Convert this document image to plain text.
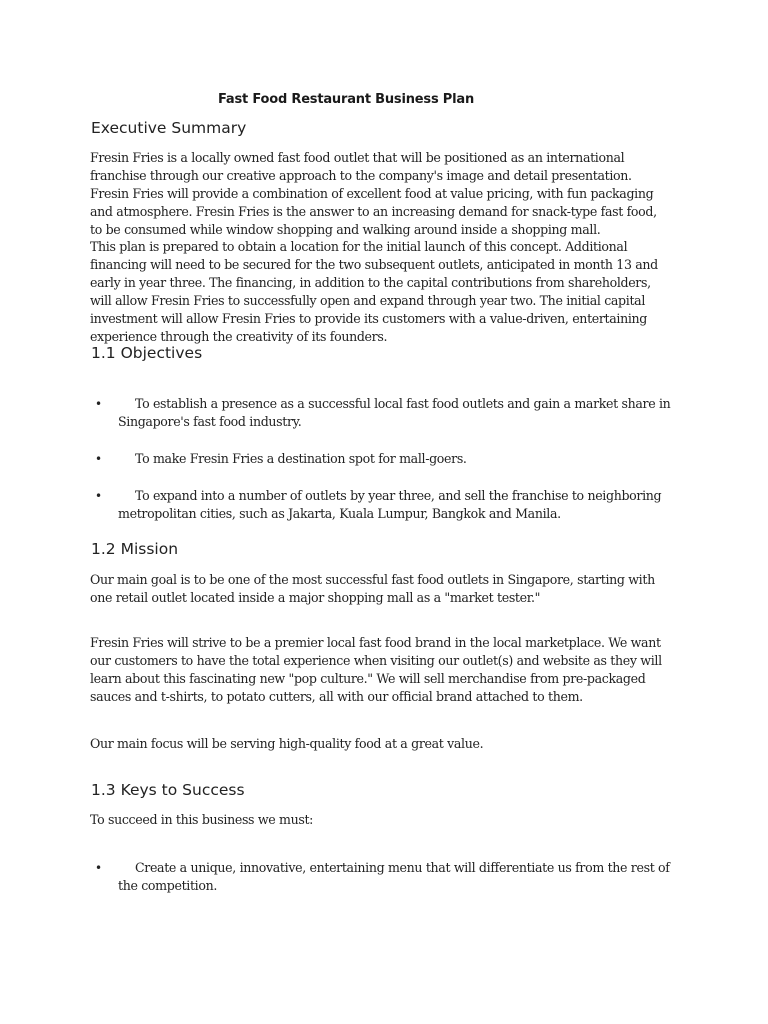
Fast Food Restaurant Business Plan
Executive Summary

Fresin Fries is a locally owned fast food outlet that will be positioned as an international franchise through our creative approach to the company's image and detail presentation. Fresin Fries will provide a combination of excellent food at value pricing, with fun packaging and atmosphere. Fresin Fries is the answer to an increasing demand for snack-type fast food, to be consumed while window shopping and walking around inside a shopping mall.

This plan is prepared to obtain a location for the initial launch of this concept. Additional financing will need to be secured for the two subsequent outlets, anticipated in month 13 and early in year three. The financing, in addition to the capital contributions from shareholders, will allow Fresin Fries to successfully open and expand through year two. The initial capital investment will allow Fresin Fries to provide its customers with a value-driven, entertaining experience through the creativity of its founders.

1.1 Objectives
•	To establish a presence as a successful local fast food outlets and gain a market share in Singapore's fast food industry.
•	To make Fresin Fries a destination spot for mall-goers.
•	To expand into a number of outlets by year three, and sell the franchise to neighboring metropolitan cities, such as Jakarta, Kuala Lumpur, Bangkok and Manila.
1.2 Mission

Our main goal is to be one of the most successful fast food outlets in Singapore, starting with one retail outlet located inside a major shopping mall as a "market tester."

Fresin Fries will strive to be a premier local fast food brand in the local marketplace. We want our customers to have the total experience when visiting our outlet(s) and website as they will learn about this fascinating new "pop culture." We will sell merchandise from pre-packaged sauces and t-shirts, to potato cutters, all with our official brand attached to them.

Our main focus will be serving high-quality food at a great value.

1.3 Keys to Success

To succeed in this business we must:

•	Create a unique, innovative, entertaining menu that will differentiate us from the rest of the competition.
